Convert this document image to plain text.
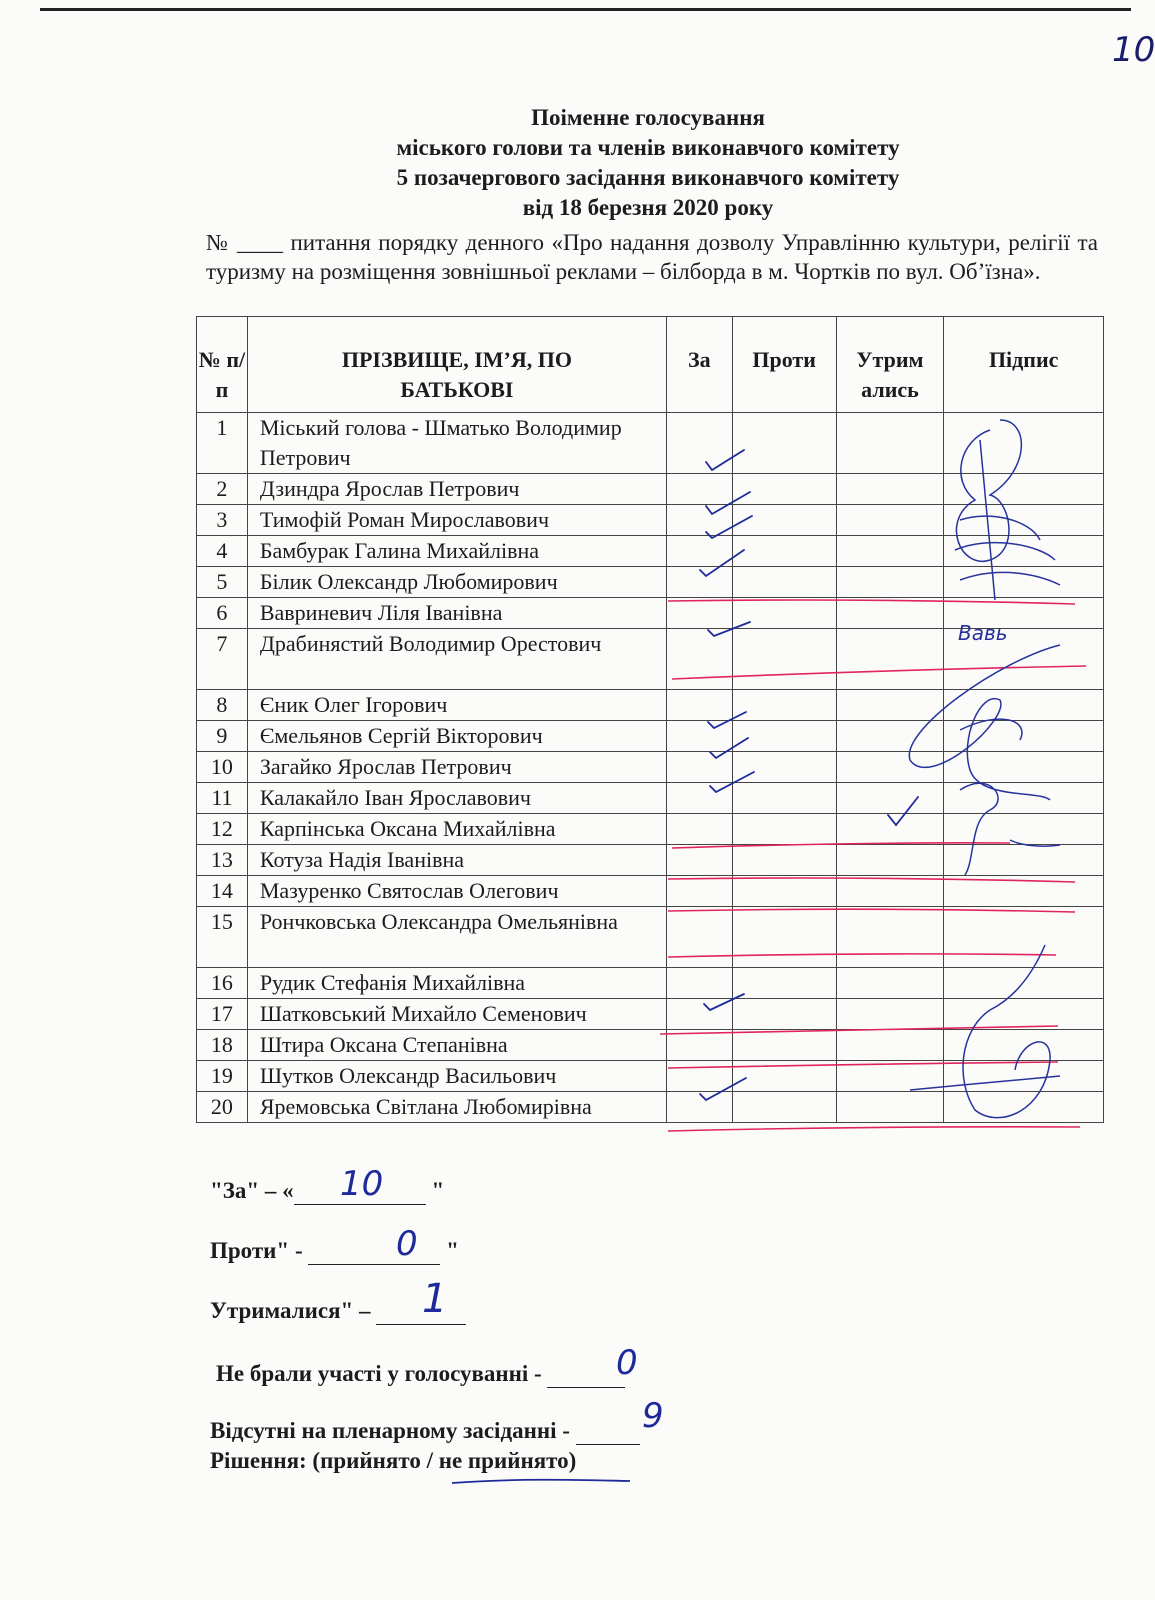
10
Поіменне голосування
міського голови та членів виконавчого комітету
5 позачергового засідання виконавчого комітету
від 18 березня 2020 року
№ ____ питання порядку денного «Про надання дозволу Управлінню культури, релігії та туризму на розміщення зовнішньої реклами – білборда в м. Чортків по вул. Об’їзна».
№ п/ п	ПРІЗВИЩЕ, ІМ’Я, ПО БАТЬКОВІ	За	Проти	Утрим ались	Підпис
1	Міський голова - Шматько Володимир Петрович				
2	Дзиндра Ярослав Петрович				
3	Тимофій Роман Мирославович				
4	Бамбурак Галина Михайлівна				
5	Білик Олександр Любомирович				
6	Вавриневич Ліля Іванівна				
7	Драбинястий Володимир Орестович				
8	Єник Олег Ігорович				
9	Ємельянов Сергій Вікторович				
10	Загайко Ярослав Петрович				
11	Калакайло Іван Ярославович				
12	Карпінська Оксана Михайлівна				
13	Котуза Надія Іванівна				
14	Мазуренко Святослав Олегович				
15	Рончковська Олександра Омельянівна				
16	Рудик Стефанія Михайлівна				
17	Шатковський Михайло Семенович				
18	Штира Оксана Степанівна				
19	Шутков Олександр Васильович				
20	Яремовська Світлана Любомирівна				
"За" – «	"
10
Проти" -	"
0
Утрималися" – 1
Не брали участі у голосуванні - 0
Відсутні на пленарному засіданні - 9
Рішення: (прийнято / не прийнято)
Вавь
